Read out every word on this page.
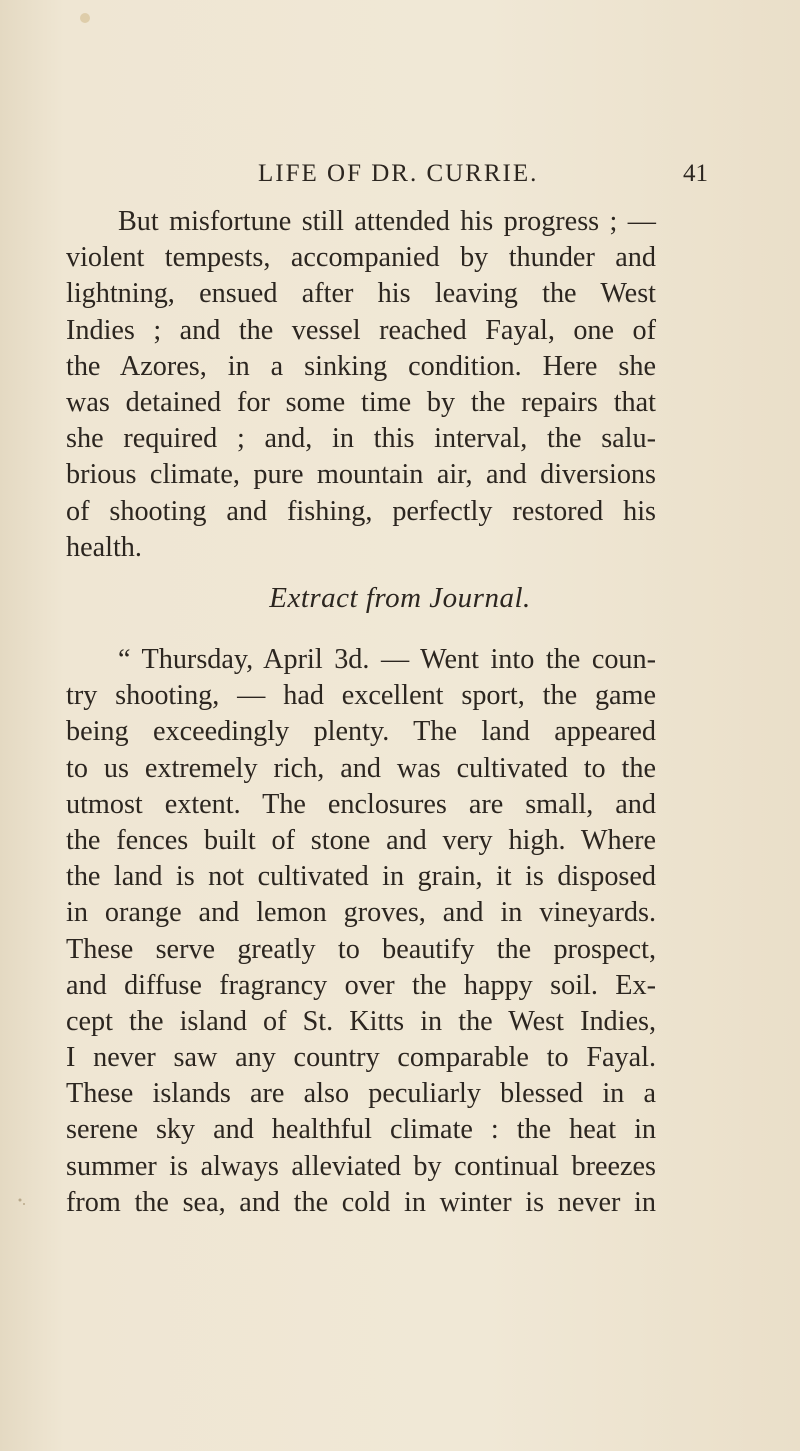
LIFE OF DR. CURRIE.	41
But misfortune still attended his progress ; —
violent tempests, accompanied by thunder and
lightning, ensued after his leaving the West
Indies ; and the vessel reached Fayal, one of
the Azores, in a sinking condition. Here she
was detained for some time by the repairs that
she required ; and, in this interval, the salu-
brious climate, pure mountain air, and diversions
of shooting and fishing, perfectly restored his
health.
Extract from Journal.
“ Thursday, April 3d. — Went into the coun-
try shooting, — had excellent sport, the game
being exceedingly plenty. The land appeared
to us extremely rich, and was cultivated to the
utmost extent. The enclosures are small, and
the fences built of stone and very high. Where
the land is not cultivated in grain, it is disposed
in orange and lemon groves, and in vineyards.
These serve greatly to beautify the prospect,
and diffuse fragrancy over the happy soil. Ex-
cept the island of St. Kitts in the West Indies,
I never saw any country comparable to Fayal.
These islands are also peculiarly blessed in a
serene sky and healthful climate : the heat in
summer is always alleviated by continual breezes
from the sea, and the cold in winter is never in
